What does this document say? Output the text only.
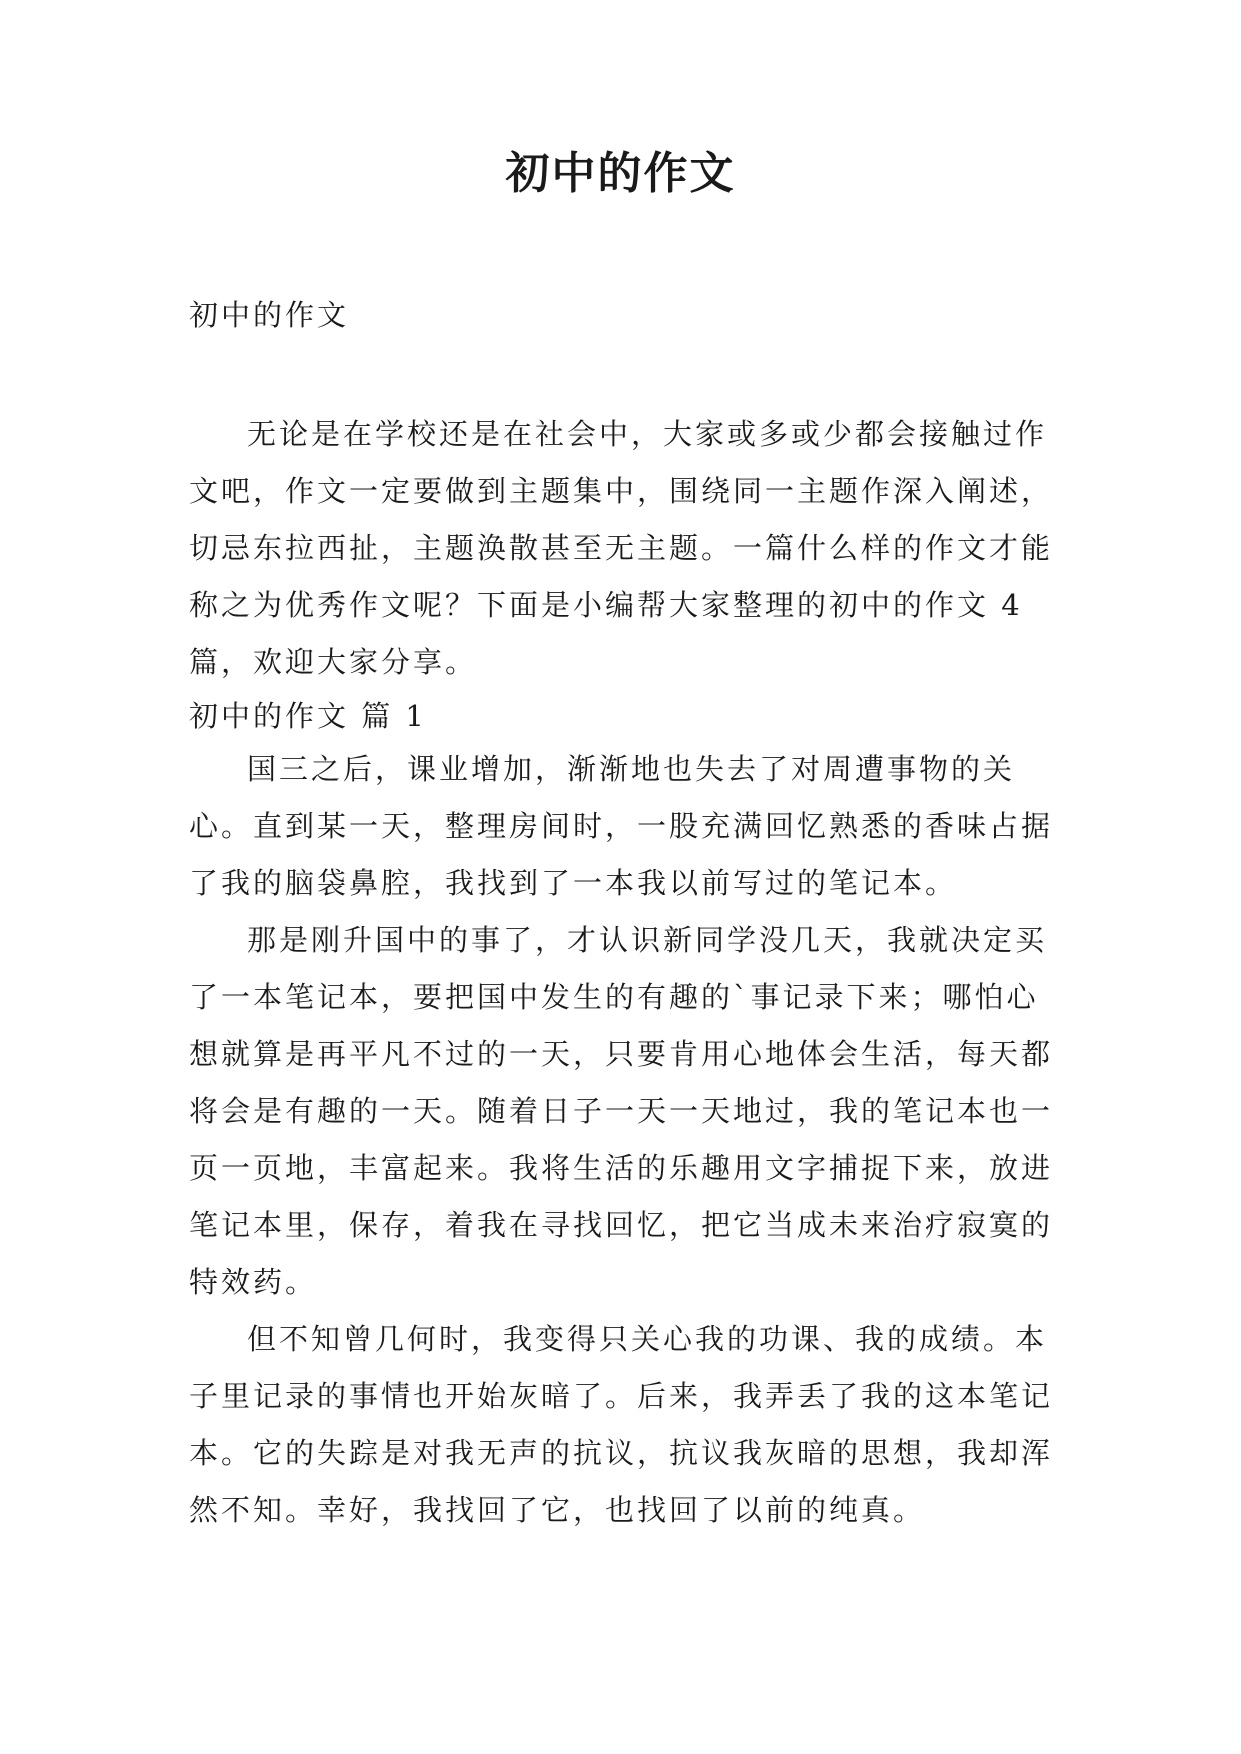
初中的作文

初中的作文

无论是在学校还是在社会中，大家或多或少都会接触过作文吧，作文一定要做到主题集中，围绕同一主题作深入阐述，切忌东拉西扯，主题涣散甚至无主题。一篇什么样的作文才能称之为优秀作文呢？下面是小编帮大家整理的初中的作文 4 篇，欢迎大家分享。

初中的作文 篇 1

国三之后，课业增加，渐渐地也失去了对周遭事物的关心。直到某一天，整理房间时，一股充满回忆熟悉的香味占据了我的脑袋鼻腔，我找到了一本我以前写过的笔记本。

那是刚升国中的事了，才认识新同学没几天，我就决定买了一本笔记本，要把国中发生的有趣的`事记录下来；哪怕心想就算是再平凡不过的一天，只要肯用心地体会生活，每天都将会是有趣的一天。随着日子一天一天地过，我的笔记本也一页一页地，丰富起来。我将生活的乐趣用文字捕捉下来，放进笔记本里，保存，着我在寻找回忆，把它当成未来治疗寂寞的特效药。

但不知曾几何时，我变得只关心我的功课、我的成绩。本子里记录的事情也开始灰暗了。后来，我弄丢了我的这本笔记本。它的失踪是对我无声的抗议，抗议我灰暗的思想，我却浑然不知。幸好，我找回了它，也找回了以前的纯真。
